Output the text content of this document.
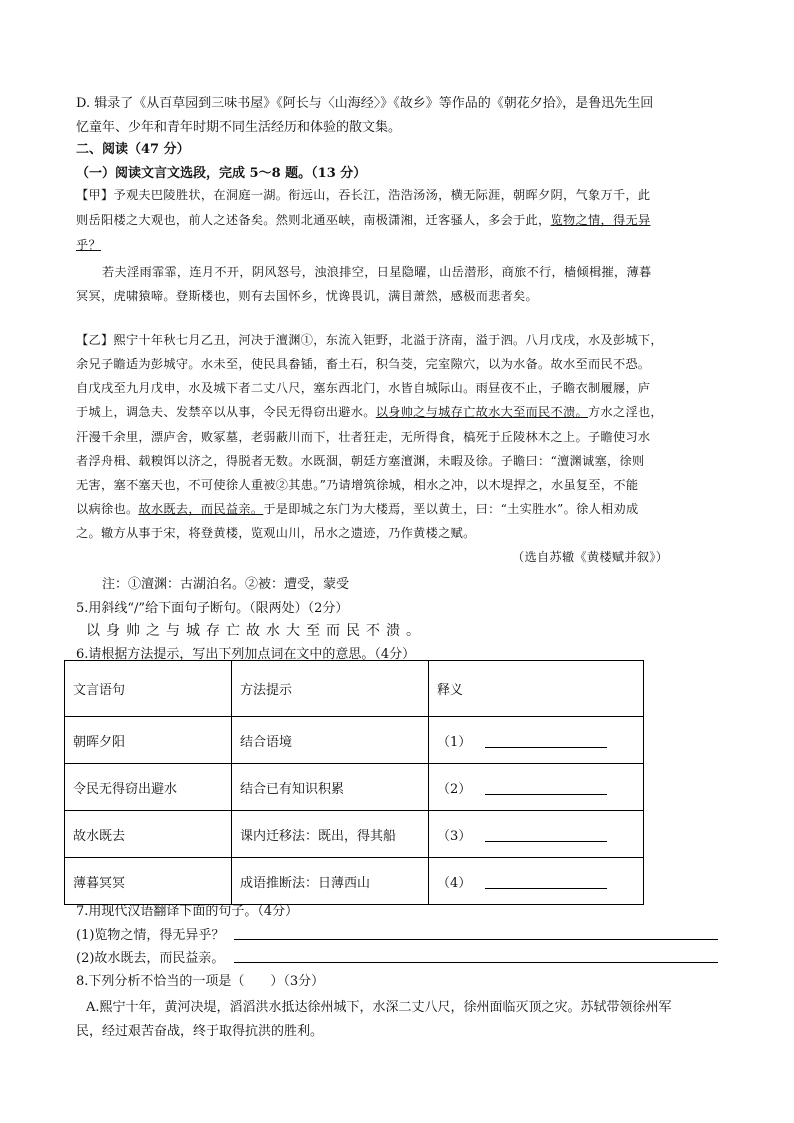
D. 辑录了《从百草园到三味书屋》《阿长与〈山海经〉》《故乡》等作品的《朝花夕拾》，是鲁迅先生回
忆童年、少年和青年时期不同生活经历和体验的散文集。
二、阅读（47 分）
（一）阅读文言文选段，完成 5～8 题。（13 分）
【甲】予观夫巴陵胜状，在洞庭一湖。衔远山，吞长江，浩浩汤汤，横无际涯，朝晖夕阴，气象万千，此
则岳阳楼之大观也，前人之述备矣。然则北通巫峡，南极潇湘，迁客骚人，多会于此，览物之情，得无异
乎？
若夫淫雨霏霏，连月不开，阴风怒号，浊浪排空，日星隐曜，山岳潜形，商旅不行，樯倾楫摧，薄暮
冥冥，虎啸猿啼。登斯楼也，则有去国怀乡，忧谗畏讥，满目萧然，感极而悲者矣。
【乙】熙宁十年秋七月乙丑，河决于澶渊①，东流入钜野，北溢于济南，溢于泗。八月戊戌，水及彭城下，
余兄子瞻适为彭城守。水未至，使民具畚锸，畜土石，积刍茭，完室隙穴，以为水备。故水至而民不恐。
自戊戌至九月戊申，水及城下者二丈八尺，塞东西北门，水皆自城际山。雨昼夜不止，子瞻衣制履屦，庐
于城上，调急夫、发禁卒以从事，令民无得窃出避水。以身帅之与城存亡故水大至而民不溃。方水之淫也，
汗漫千余里，漂庐舍，败冢墓，老弱蔽川而下，壮者狂走，无所得食，槁死于丘陵林木之上。子瞻使习水
者浮舟楫、载糗饵以济之，得脱者无数。水既涸，朝廷方塞澶渊，未暇及徐。子瞻曰：“澶渊诚塞，徐则
无害，塞不塞天也，不可使徐人重被②其患。”乃请增筑徐城，相水之冲，以木堤捍之，水虽复至，不能
以病徐也。故水既去，而民益亲。于是即城之东门为大楼焉，垩以黄土，曰：“土实胜水”。徐人相劝成
之。辙方从事于宋，将登黄楼，览观山川，吊水之遗迹，乃作黄楼之赋。
（选自苏辙《黄楼赋并叙》）
注：①澶渊：古湖泊名。②被：遭受，蒙受
5.用斜线“/”给下面句子断句。（限两处）（2分）
以身帅之与城存亡故水大至而民不溃。
6.请根据方法提示，写出下列加点词在文中的意思。（4分）
文言语句	方法提示	释义
朝晖夕阳	结合语境	（1）
令民无得窃出避水	结合已有知识积累	（2）
故水既去	课内迁移法：既出，得其船	（3）
薄暮冥冥	成语推断法：日薄西山	（4）
7.用现代汉语翻译下面的句子。（4分）
(1)览物之情，得无异乎？
(2)故水既去，而民益亲。
8.下列分析不恰当的一项是（　　）（3分）
A.熙宁十年，黄河决堤，滔滔洪水抵达徐州城下，水深二丈八尺，徐州面临灭顶之灾。苏轼带领徐州军
民，经过艰苦奋战，终于取得抗洪的胜利。
